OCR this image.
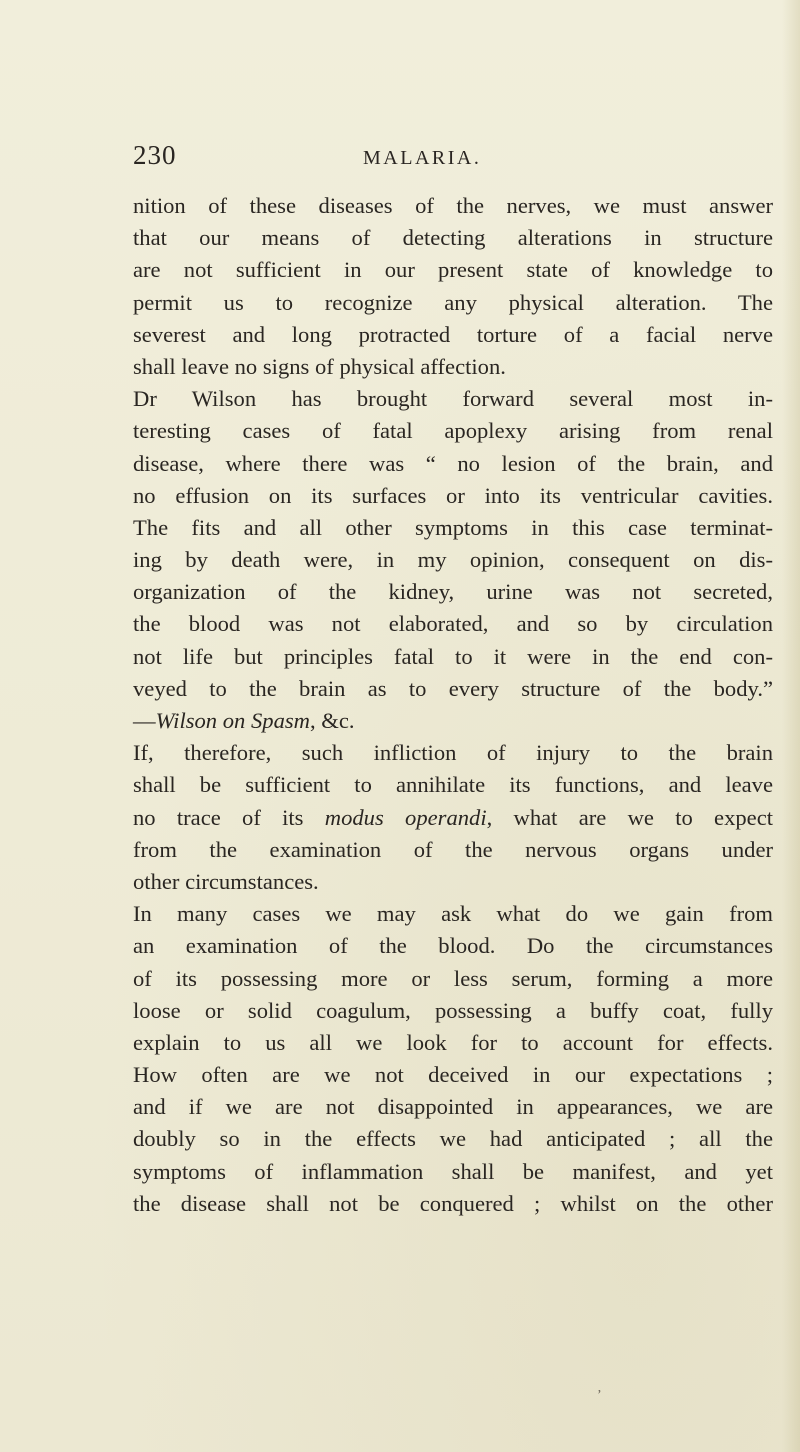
230	MALARIA.
nition of these diseases of the nerves, we must answer
that our means of detecting alterations in structure
are not sufficient in our present state of knowledge to
permit us to recognize any physical alteration. The
severest and long protracted torture of a facial nerve
shall leave no signs of physical affection.
Dr Wilson has brought forward several most in-
teresting cases of fatal apoplexy arising from renal
disease, where there was “ no lesion of the brain, and
no effusion on its surfaces or into its ventricular cavities.
The fits and all other symptoms in this case terminat-
ing by death were, in my opinion, consequent on dis-
organization of the kidney, urine was not secreted,
the blood was not elaborated, and so by circulation
not life but principles fatal to it were in the end con-
veyed to the brain as to every structure of the body.”
—Wilson on Spasm, &c.
If, therefore, such infliction of injury to the brain
shall be sufficient to annihilate its functions, and leave
no trace of its modus operandi, what are we to expect
from the examination of the nervous organs under
other circumstances.
In many cases we may ask what do we gain from
an examination of the blood. Do the circumstances
of its possessing more or less serum, forming a more
loose or solid coagulum, possessing a buffy coat, fully
explain to us all we look for to account for effects.
How often are we not deceived in our expectations ;
and if we are not disappointed in appearances, we are
doubly so in the effects we had anticipated ; all the
symptoms of inflammation shall be manifest, and yet
the disease shall not be conquered ; whilst on the other
’
